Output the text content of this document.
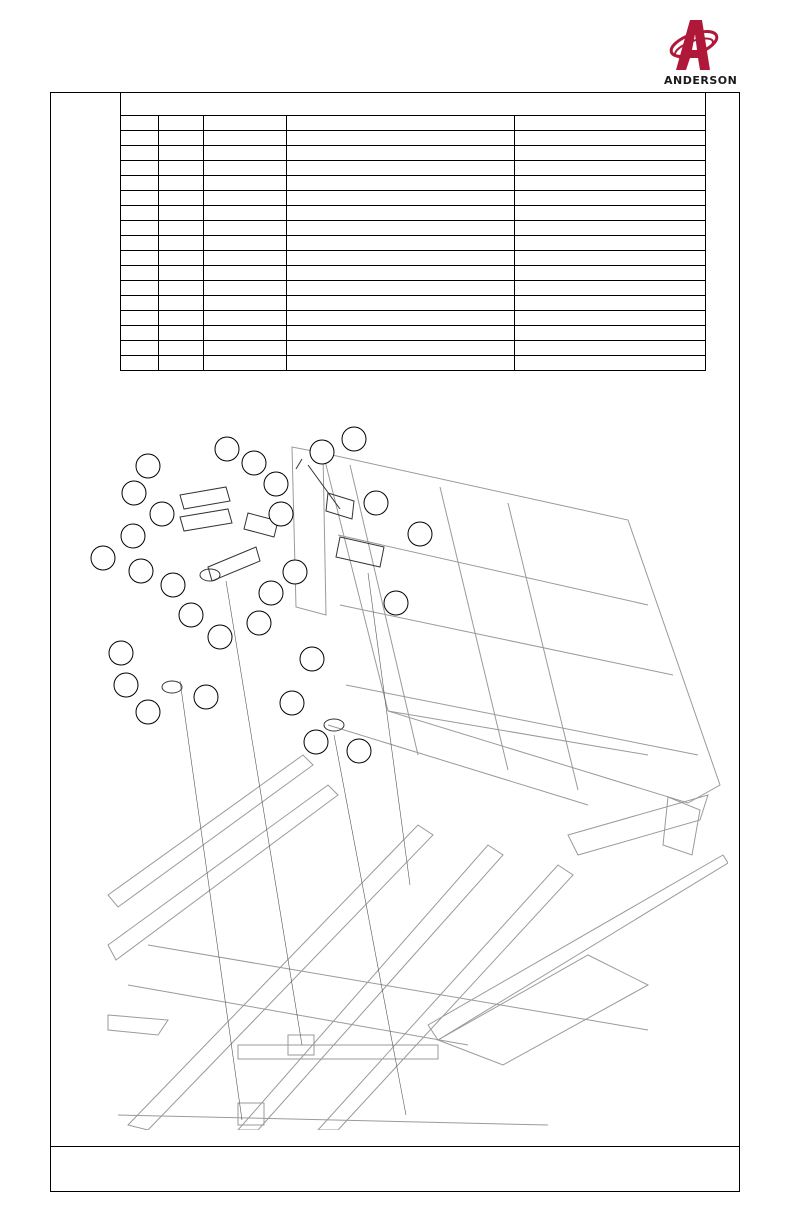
ANDERSON
